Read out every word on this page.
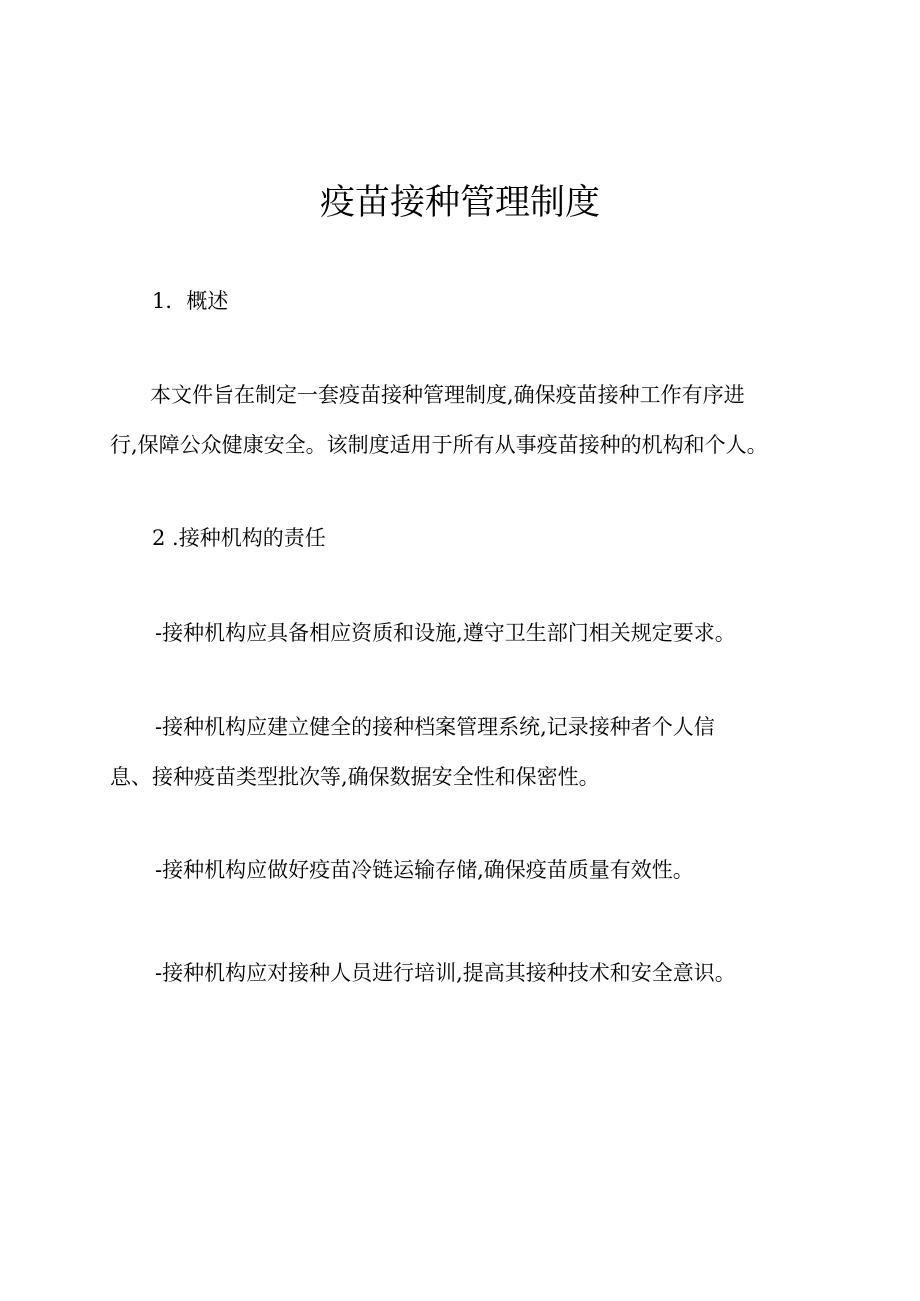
疫苗接种管理制度
1．概述
本文件旨在制定一套疫苗接种管理制度,确保疫苗接种工作有序进
行,保障公众健康安全。该制度适用于所有从事疫苗接种的机构和个人。
2 .接种机构的责任
-接种机构应具备相应资质和设施,遵守卫生部门相关规定要求。
-接种机构应建立健全的接种档案管理系统,记录接种者个人信
息、接种疫苗类型批次等,确保数据安全性和保密性。
-接种机构应做好疫苗冷链运输存储,确保疫苗质量有效性。
-接种机构应对接种人员进行培训,提高其接种技术和安全意识。
